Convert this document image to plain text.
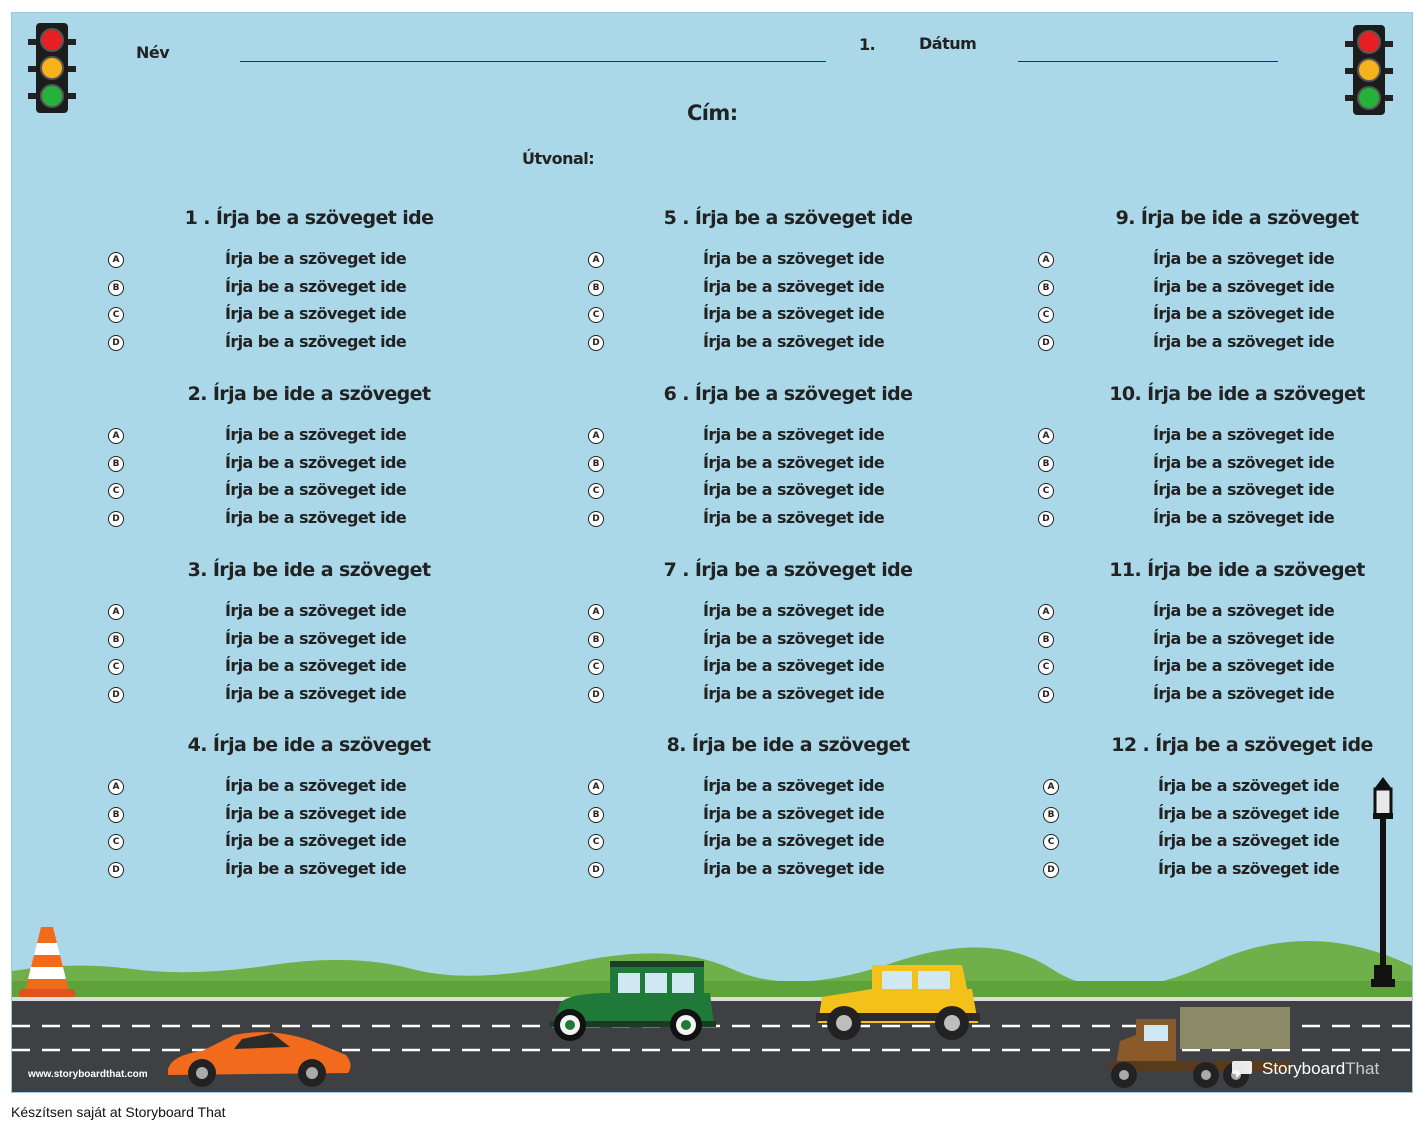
Név	1.	Dátum
Cím:
Útvonal:
1 . Írja be a szöveget ide
A	Írja be a szöveget ide
B	Írja be a szöveget ide
C	Írja be a szöveget ide
D	Írja be a szöveget ide
2. Írja be ide a szöveget
A	Írja be a szöveget ide
B	Írja be a szöveget ide
C	Írja be a szöveget ide
D	Írja be a szöveget ide
3. Írja be ide a szöveget
A	Írja be a szöveget ide
B	Írja be a szöveget ide
C	Írja be a szöveget ide
D	Írja be a szöveget ide
4. Írja be ide a szöveget
A	Írja be a szöveget ide
B	Írja be a szöveget ide
C	Írja be a szöveget ide
D	Írja be a szöveget ide
5 . Írja be a szöveget ide
A	Írja be a szöveget ide
B	Írja be a szöveget ide
C	Írja be a szöveget ide
D	Írja be a szöveget ide
6 . Írja be a szöveget ide
A	Írja be a szöveget ide
B	Írja be a szöveget ide
C	Írja be a szöveget ide
D	Írja be a szöveget ide
7 . Írja be a szöveget ide
A	Írja be a szöveget ide
B	Írja be a szöveget ide
C	Írja be a szöveget ide
D	Írja be a szöveget ide
8. Írja be ide a szöveget
A	Írja be a szöveget ide
B	Írja be a szöveget ide
C	Írja be a szöveget ide
D	Írja be a szöveget ide
9. Írja be ide a szöveget
A	Írja be a szöveget ide
B	Írja be a szöveget ide
C	Írja be a szöveget ide
D	Írja be a szöveget ide
10. Írja be ide a szöveget
A	Írja be a szöveget ide
B	Írja be a szöveget ide
C	Írja be a szöveget ide
D	Írja be a szöveget ide
11. Írja be ide a szöveget
A	Írja be a szöveget ide
B	Írja be a szöveget ide
C	Írja be a szöveget ide
D	Írja be a szöveget ide
12 . Írja be a szöveget ide
A	Írja be a szöveget ide
B	Írja be a szöveget ide
C	Írja be a szöveget ide
D	Írja be a szöveget ide
www.storyboardthat.com	Storyboard That
Készítsen saját at Storyboard That
